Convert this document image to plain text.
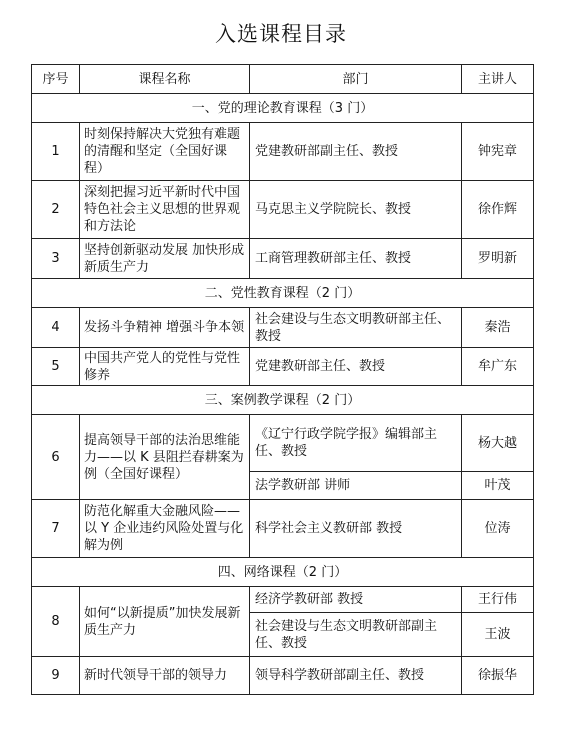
入选课程目录
序号	课程名称	部门	主讲人
一、党的理论教育课程（3 门）			
1	时刻保持解决大党独有难题的清醒和坚定（全国好课程）	党建教研部副主任、教授	钟宪章
2	深刻把握习近平新时代中国特色社会主义思想的世界观和方法论	马克思主义学院院长、教授	徐作辉
3	坚持创新驱动发展 加快形成新质生产力	工商管理教研部主任、教授	罗明新
二、党性教育课程（2 门）			
4	发扬斗争精神 增强斗争本领	社会建设与生态文明教研部主任、教授	秦浩
5	中国共产党人的党性与党性修养	党建教研部主任、教授	牟广东
三、案例教学课程（2 门）			
6	提高领导干部的法治思维能力——以 K 县阻拦春耕案为例（全国好课程）	《辽宁行政学院学报》编辑部主任、教授	杨大越
		法学教研部 讲师	叶茂
7	防范化解重大金融风险——以 Y 企业违约风险处置与化解为例	科学社会主义教研部 教授	位涛
四、网络课程（2 门）			
8	如何“以新提质”加快发展新质生产力	经济学教研部 教授	王行伟
		社会建设与生态文明教研部副主任、教授	王波
9	新时代领导干部的领导力	领导科学教研部副主任、教授	徐振华
